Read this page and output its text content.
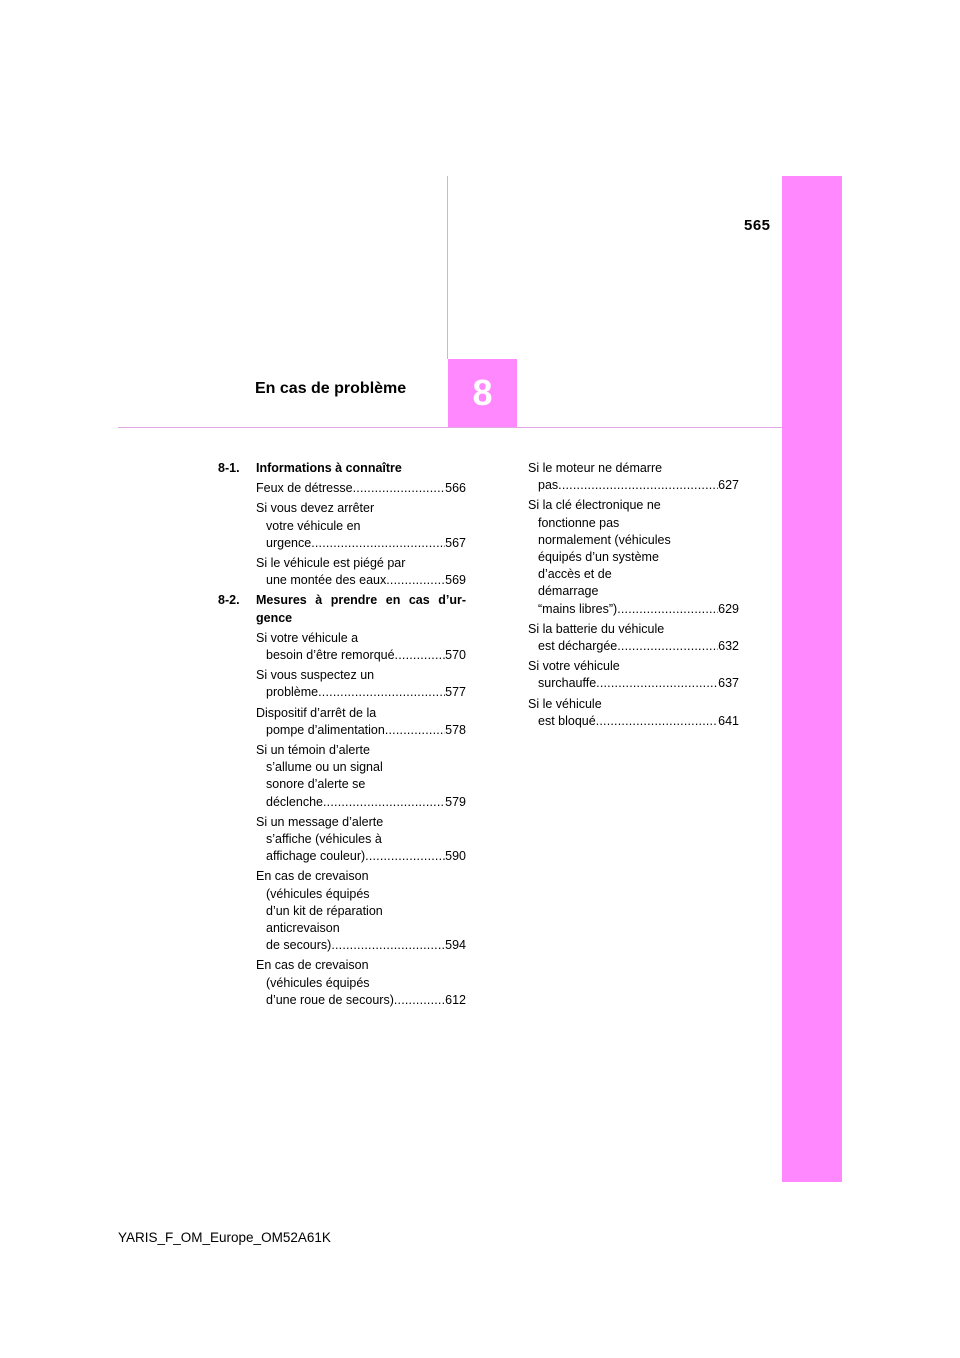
565
8
En cas de problème
8-1.	Informations à connaître
Feux de détresse .....	566
Si vous devez arrêter
votre véhicule en
urgence .....	567
Si le véhicule est piégé par
une montée des eaux .....	569
8-2.	Mesures à prendre en cas d’ur- gence
Si votre véhicule a
besoin d’être remorqué .....	570
Si vous suspectez un
problème .....	577
Dispositif d’arrêt de la
pompe d’alimentation .....	578
Si un témoin d’alerte
s’allume ou un signal
sonore d’alerte se
déclenche .....	579
Si un message d’alerte
s’affiche (véhicules à
affichage couleur) .....	590
En cas de crevaison
(véhicules équipés
d’un kit de réparation
anticrevaison
de secours) .....	594
En cas de crevaison
(véhicules équipés
d’une roue de secours) .....	612
Si le moteur ne démarre
pas .....	627
Si la clé électronique ne
fonctionne pas
normalement (véhicules
équipés d’un système
d’accès et de
démarrage
“mains libres”) .....	629
Si la batterie du véhicule
est déchargée .....	632
Si votre véhicule
surchauffe .....	637
Si le véhicule
est bloqué .....	641
YARIS_F_OM_Europe_OM52A61K
